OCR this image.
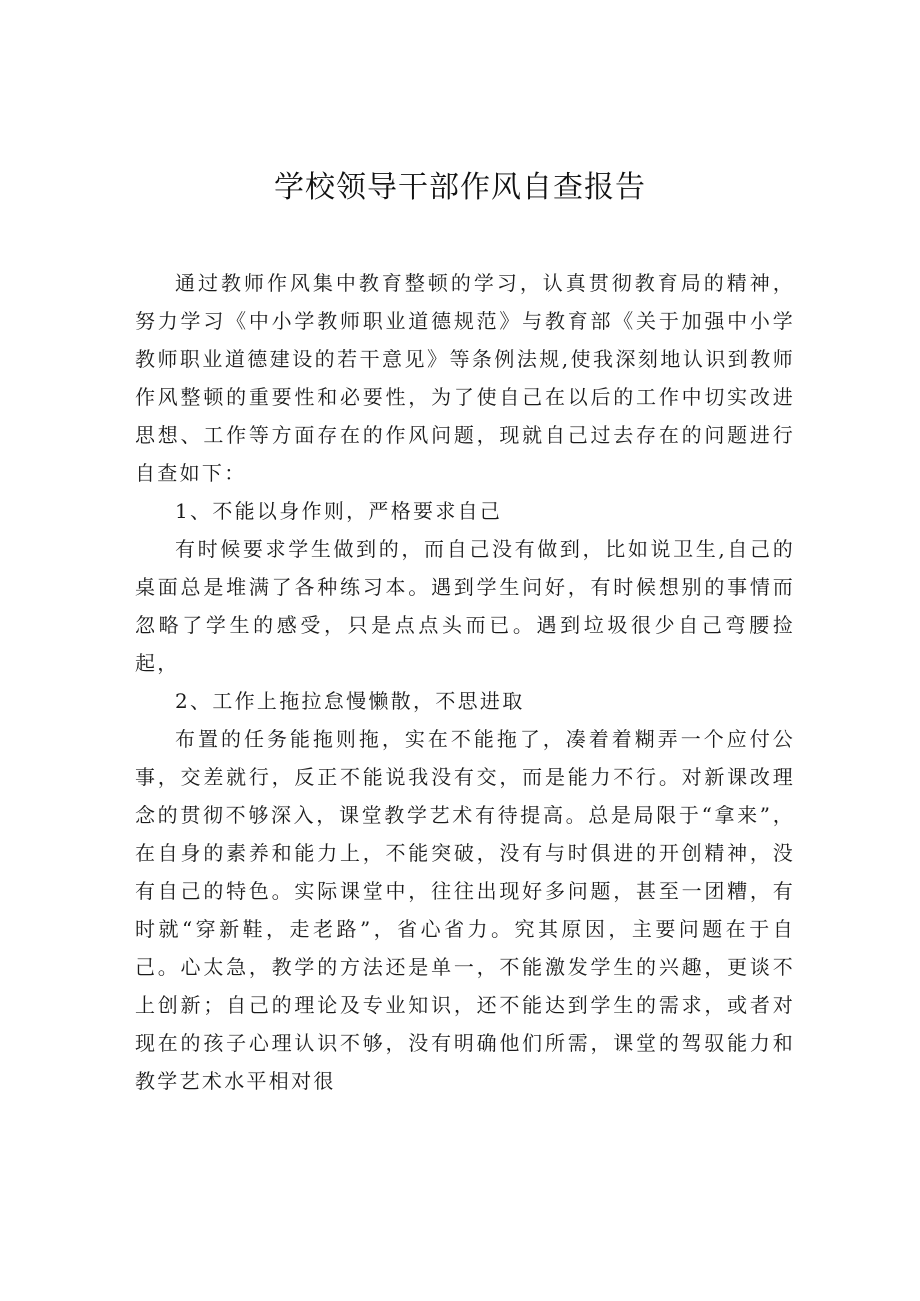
学校领导干部作风自查报告

通过教师作风集中教育整顿的学习，认真贯彻教育局的精神，努力学习《中小学教师职业道德规范》与教育部《关于加强中小学教师职业道德建设的若干意见》等条例法规,使我深刻地认识到教师作风整顿的重要性和必要性，为了使自己在以后的工作中切实改进思想、工作等方面存在的作风问题，现就自己过去存在的问题进行自查如下：

1、不能以身作则，严格要求自己

有时候要求学生做到的，而自己没有做到，比如说卫生,自己的桌面总是堆满了各种练习本。遇到学生问好，有时候想别的事情而忽略了学生的感受，只是点点头而已。遇到垃圾很少自己弯腰捡起，

2、工作上拖拉怠慢懒散，不思进取

布置的任务能拖则拖，实在不能拖了，凑着着糊弄一个应付公事，交差就行，反正不能说我没有交，而是能力不行。对新课改理念的贯彻不够深入，课堂教学艺术有待提高。总是局限于“拿来”，在自身的素养和能力上，不能突破，没有与时俱进的开创精神，没有自己的特色。实际课堂中，往往出现好多问题，甚至一团糟，有时就“穿新鞋，走老路”，省心省力。究其原因，主要问题在于自己。心太急，教学的方法还是单一，不能激发学生的兴趣，更谈不上创新；自己的理论及专业知识，还不能达到学生的需求，或者对现在的孩子心理认识不够，没有明确他们所需，课堂的驾驭能力和教学艺术水平相对很
